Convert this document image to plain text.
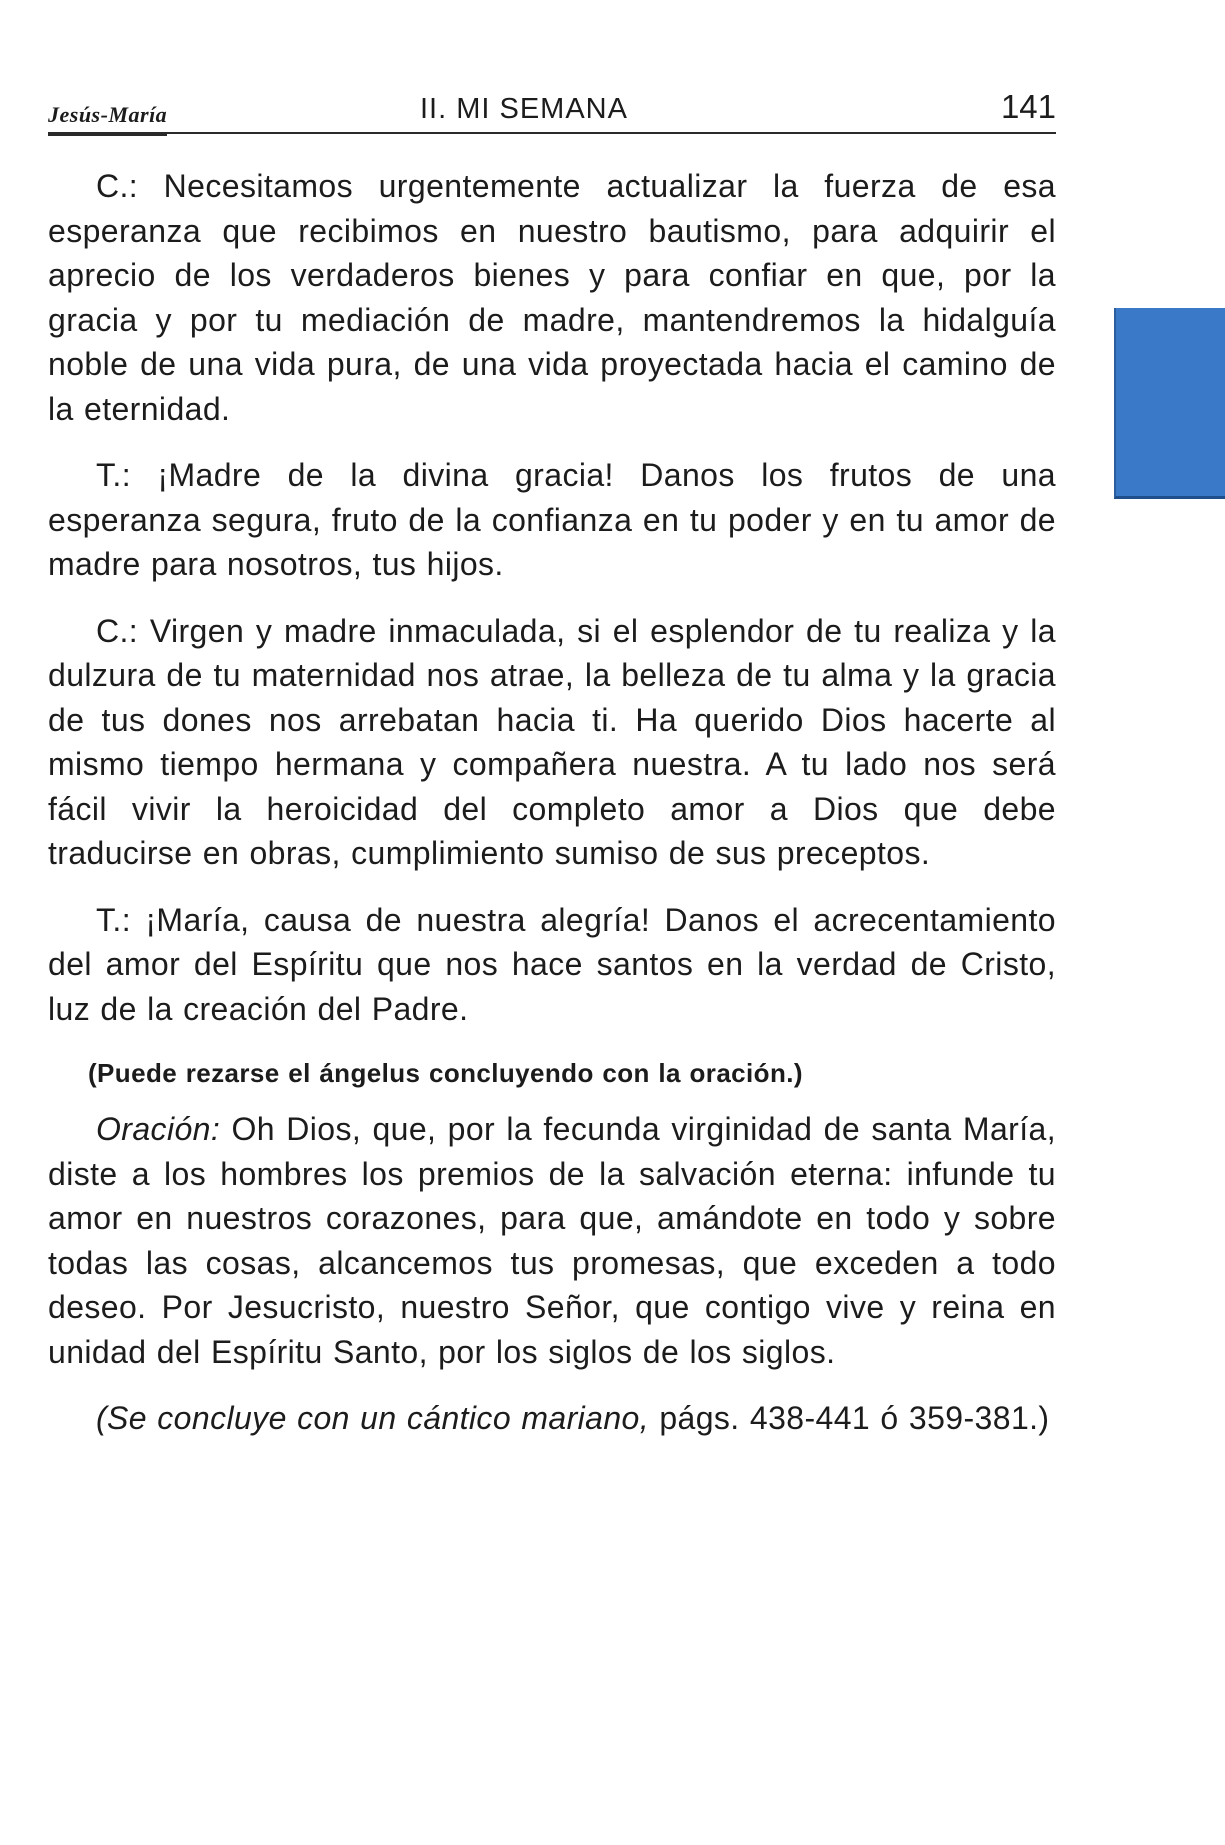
Jesús-María	II. MI SEMANA	141

C.: Necesitamos urgentemente actualizar la fuerza de esa esperanza que recibimos en nuestro bautismo, para adquirir el aprecio de los verdaderos bienes y para confiar en que, por la gracia y por tu mediación de madre, mantendremos la hidalguía noble de una vida pura, de una vida proyectada hacia el camino de la eternidad.

T.: ¡Madre de la divina gracia! Danos los frutos de una esperanza segura, fruto de la confianza en tu poder y en tu amor de madre para nosotros, tus hijos.

C.: Virgen y madre inmaculada, si el esplendor de tu realiza y la dulzura de tu maternidad nos atrae, la belleza de tu alma y la gracia de tus dones nos arrebatan hacia ti. Ha querido Dios hacerte al mismo tiempo hermana y compañera nuestra. A tu lado nos será fácil vivir la heroicidad del completo amor a Dios que debe traducirse en obras, cumplimiento sumiso de sus preceptos.

T.: ¡María, causa de nuestra alegría! Danos el acrecentamiento del amor del Espíritu que nos hace santos en la verdad de Cristo, luz de la creación del Padre.

(Puede rezarse el ángelus concluyendo con la oración.)

Oración: Oh Dios, que, por la fecunda virginidad de santa María, diste a los hombres los premios de la salvación eterna: infunde tu amor en nuestros corazones, para que, amándote en todo y sobre todas las cosas, alcancemos tus promesas, que exceden a todo deseo. Por Jesucristo, nuestro Señor, que contigo vive y reina en unidad del Espíritu Santo, por los siglos de los siglos.

(Se concluye con un cántico mariano, págs. 438-441 ó 359-381.)
